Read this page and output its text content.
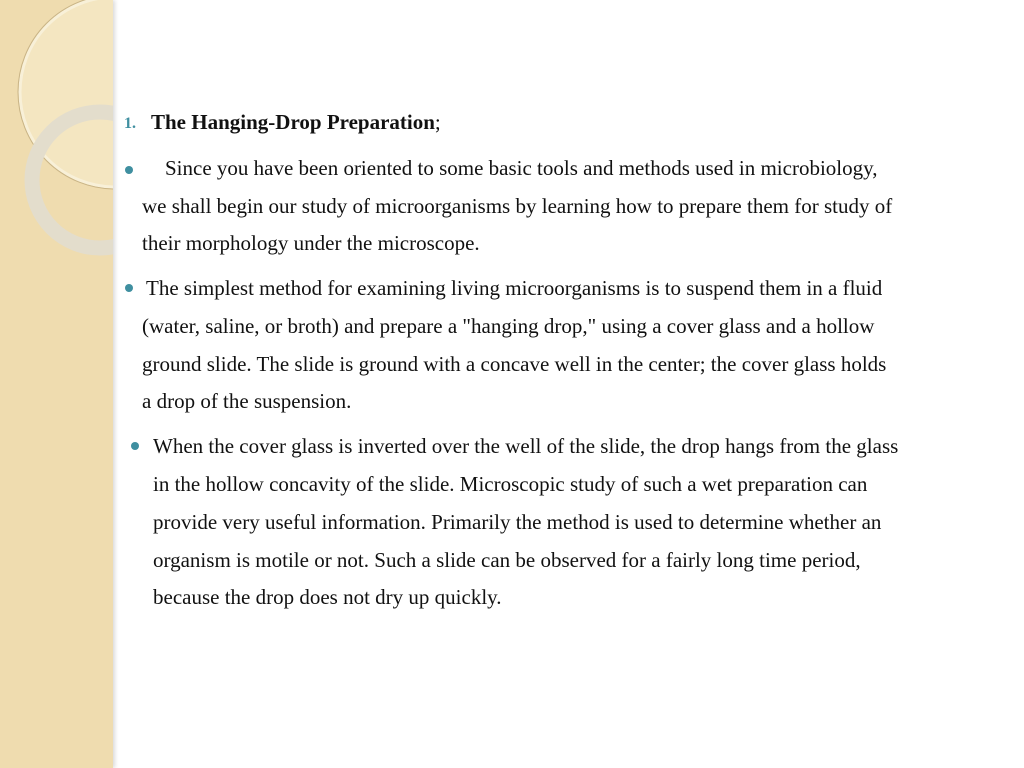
1. The Hanging-Drop Preparation;
Since you have been oriented to some basic tools and methods used in microbiology,
we shall begin our study of microorganisms by learning how to prepare them for study of
their morphology under the microscope.
The simplest method for examining living microorganisms is to suspend them in a fluid
(water, saline, or broth) and prepare a "hanging drop," using a cover glass and a hollow
ground slide. The slide is ground with a concave well in the center; the cover glass holds
a drop of the suspension.
When the cover glass is inverted over the well of the slide, the drop hangs from the glass
in the hollow concavity of the slide. Microscopic study of such a wet preparation can
provide very useful information. Primarily the method is used to determine whether an
organism is motile or not. Such a slide can be observed for a fairly long time period,
because the drop does not dry up quickly.
